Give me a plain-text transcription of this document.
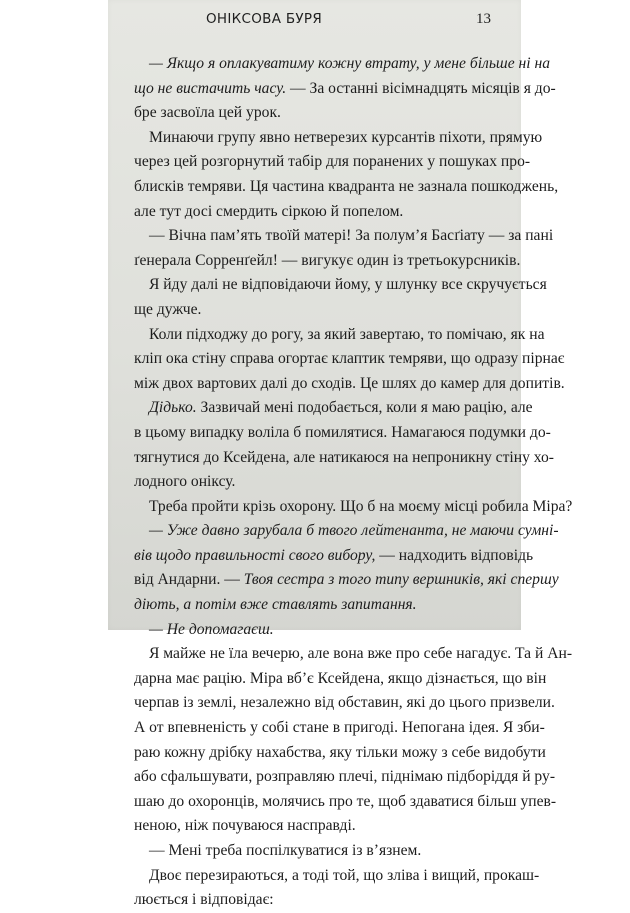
ОНІКСОВА БУРЯ	13
— Якщо я оплакуватиму кожну втрату, у мене більше ні на
що не вистачить часу. — За останні вісімнадцять місяців я до-
бре засвоїла цей урок.
Минаючи групу явно нетверезих курсантів піхоти, прямую
через цей розгорнутий табір для поранених у пошуках про-
блисків темряви. Ця частина квадранта не зазнала пошкоджень,
але тут досі смердить сіркою й попелом.
— Вічна пам’ять твоїй матері! За полум’я Басґіату — за пані
ґенерала Сорренґейл! — вигукує один із третьокурсників.
Я йду далі не відповідаючи йому, у шлунку все скручується
ще дужче.
Коли підходжу до рогу, за який завертаю, то помічаю, як на
кліп ока стіну справа огортає клаптик темряви, що одразу пірнає
між двох вартових далі до сходів. Це шлях до камер для допитів.
Дідько. Зазвичай мені подобається, коли я маю рацію, але
в цьому випадку воліла б помилятися. Намагаюся подумки до-
тягнутися до Ксейдена, але натикаюся на непроникну стіну хо-
лодного оніксу.
Треба пройти крізь охорону. Що б на моєму місці робила Міра?
— Уже давно зарубала б твого лейтенанта, не маючи сумні-
вів щодо правильності свого вибору, — надходить відповідь
від Андарни. — Твоя сестра з того типу вершників, які спершу
діють, а потім вже ставлять запитання.
— Не допомагаєш.
Я майже не їла вечерю, але вона вже про себе нагадує. Та й Ан-
дарна має рацію. Міра вб’є Ксейдена, якщо дізнається, що він
черпав із землі, незалежно від обставин, які до цього призвели.
А от впевненість у собі стане в пригоді. Непогана ідея. Я зби-
раю кожну дрібку нахабства, яку тільки можу з себе видобути
або сфальшувати, розправляю плечі, піднімаю підборіддя й ру-
шаю до охоронців, молячись про те, щоб здаватися більш упев-
неною, ніж почуваюся насправді.
— Мені треба поспілкуватися із в’язнем.
Двоє перезираються, а тоді той, що зліва і вищий, прокаш-
люється і відповідає:
